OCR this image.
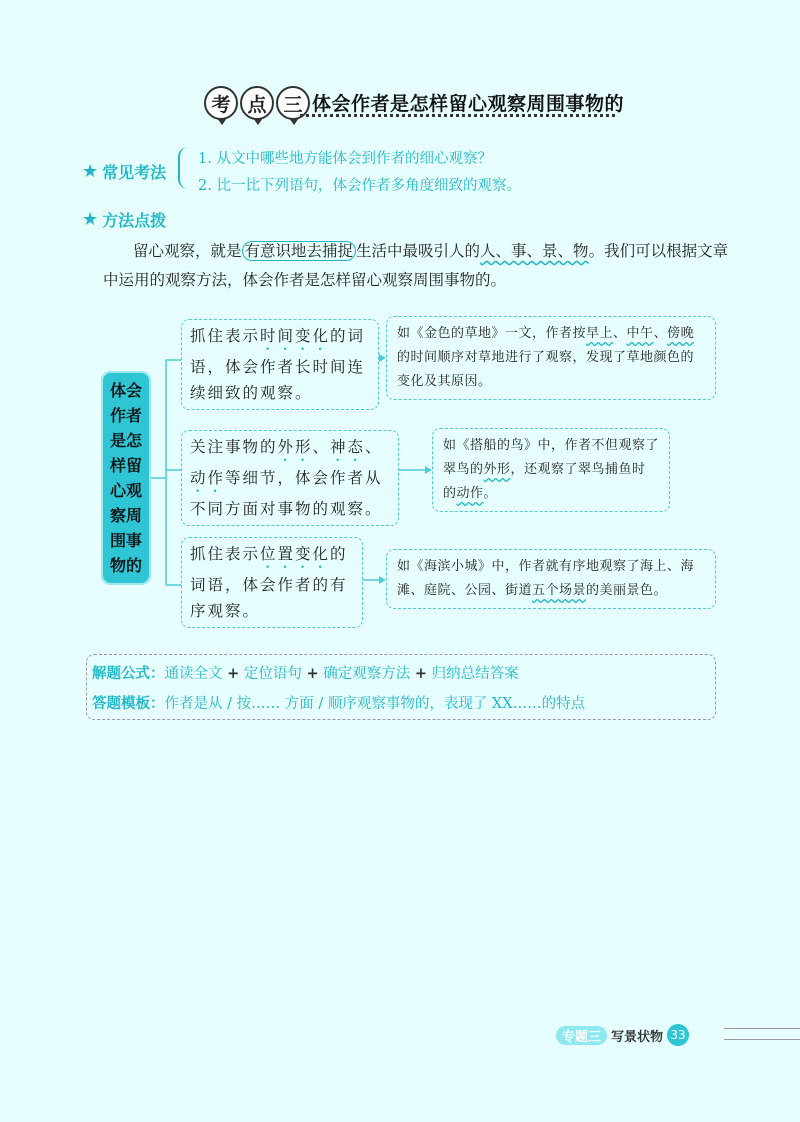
考 点 三 体会作者是怎样留心观察周围事物的
★ 常见考法
1. 从文中哪些地方能体会到作者的细心观察？
2. 比一比下列语句，体会作者多角度细致的观察。
★ 方法点拨
留心观察，就是 有意识地去捕捉 生活中最吸引人的人、事、景、物。我们可以根据文章中运用的观察方法，体会作者是怎样留心观察周围事物的。
体会作者是怎样留心观察周围事物的
抓住表示时间变化的词语，体会作者长时间连续细致的观察。
关注事物的外形、神态、动作等细节，体会作者从不同方面对事物的观察。
抓住表示位置变化的词语，体会作者的有序观察。
如《金色的草地》一文，作者按早上、中午、傍晚的时间顺序对草地进行了观察，发现了草地颜色的变化及其原因。
如《搭船的鸟》中，作者不但观察了翠鸟的外形，还观察了翠鸟捕鱼时的动作。
如《海滨小城》中，作者就有序地观察了海上、海滩、庭院、公园、街道五个场景的美丽景色。
解题公式：通读全文 + 定位语句 + 确定观察方法 + 归纳总结答案
答题模板：作者是从 / 按…… 方面 / 顺序观察事物的，表现了 XX……的特点
专题三 写景状物 33
